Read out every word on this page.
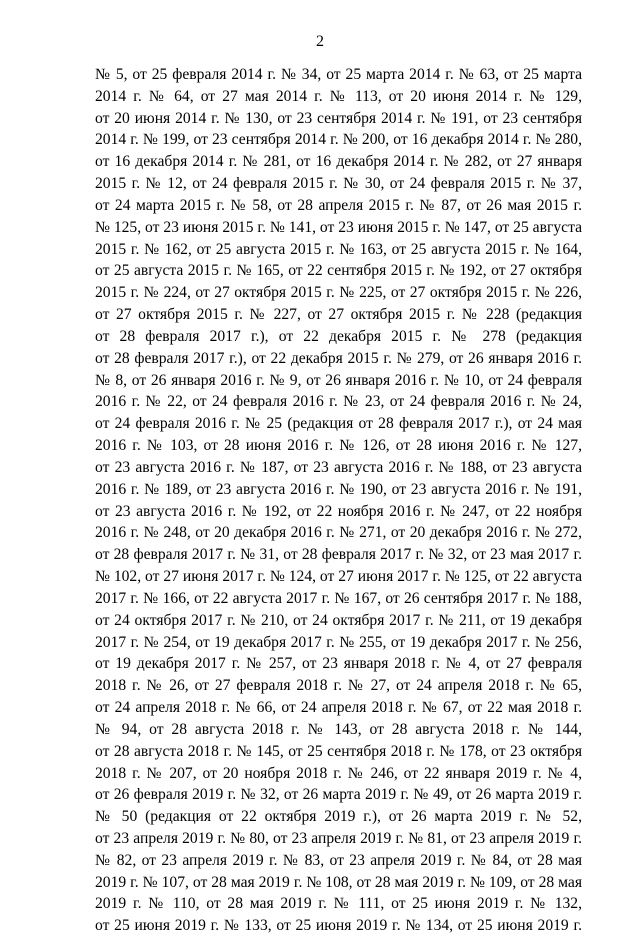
2
№ 5, от 25 февраля 2014 г. № 34, от 25 марта 2014 г. № 63, от 25 марта
2014 г. № 64, от 27 мая 2014 г. № 113, от 20 июня 2014 г. № 129,
от 20 июня 2014 г. № 130, от 23 сентября 2014 г. № 191, от 23 сентября
2014 г. № 199, от 23 сентября 2014 г. № 200, от 16 декабря 2014 г. № 280,
от 16 декабря 2014 г. № 281, от 16 декабря 2014 г. № 282, от 27 января
2015 г. № 12, от 24 февраля 2015 г. № 30, от 24 февраля 2015 г. № 37,
от 24 марта 2015 г. № 58, от 28 апреля 2015 г. № 87, от 26 мая 2015 г.
№ 125, от 23 июня 2015 г. № 141, от 23 июня 2015 г. № 147, от 25 августа
2015 г. № 162, от 25 августа 2015 г. № 163, от 25 августа 2015 г. № 164,
от 25 августа 2015 г. № 165, от 22 сентября 2015 г. № 192, от 27 октября
2015 г. № 224, от 27 октября 2015 г. № 225, от 27 октября 2015 г. № 226,
от 27 октября 2015 г. № 227, от 27 октября 2015 г. № 228 (редакция
от 28 февраля 2017 г.), от 22 декабря 2015 г. № 278 (редакция
от 28 февраля 2017 г.), от 22 декабря 2015 г. № 279, от 26 января 2016 г.
№ 8, от 26 января 2016 г. № 9, от 26 января 2016 г. № 10, от 24 февраля
2016 г. № 22, от 24 февраля 2016 г. № 23, от 24 февраля 2016 г. № 24,
от 24 февраля 2016 г. № 25 (редакция от 28 февраля 2017 г.), от 24 мая
2016 г. № 103, от 28 июня 2016 г. № 126, от 28 июня 2016 г. № 127,
от 23 августа 2016 г. № 187, от 23 августа 2016 г. № 188, от 23 августа
2016 г. № 189, от 23 августа 2016 г. № 190, от 23 августа 2016 г. № 191,
от 23 августа 2016 г. № 192, от 22 ноября 2016 г. № 247, от 22 ноября
2016 г. № 248, от 20 декабря 2016 г. № 271, от 20 декабря 2016 г. № 272,
от 28 февраля 2017 г. № 31, от 28 февраля 2017 г. № 32, от 23 мая 2017 г.
№ 102, от 27 июня 2017 г. № 124, от 27 июня 2017 г. № 125, от 22 августа
2017 г. № 166, от 22 августа 2017 г. № 167, от 26 сентября 2017 г. № 188,
от 24 октября 2017 г. № 210, от 24 октября 2017 г. № 211, от 19 декабря
2017 г. № 254, от 19 декабря 2017 г. № 255, от 19 декабря 2017 г. № 256,
от 19 декабря 2017 г. № 257, от 23 января 2018 г. № 4, от 27 февраля
2018 г. № 26, от 27 февраля 2018 г. № 27, от 24 апреля 2018 г. № 65,
от 24 апреля 2018 г. № 66, от 24 апреля 2018 г. № 67, от 22 мая 2018 г.
№ 94, от 28 августа 2018 г. № 143, от 28 августа 2018 г. № 144,
от 28 августа 2018 г. № 145, от 25 сентября 2018 г. № 178, от 23 октября
2018 г. № 207, от 20 ноября 2018 г. № 246, от 22 января 2019 г. № 4,
от 26 февраля 2019 г. № 32, от 26 марта 2019 г. № 49, от 26 марта 2019 г.
№ 50 (редакция от 22 октября 2019 г.), от 26 марта 2019 г. № 52,
от 23 апреля 2019 г. № 80, от 23 апреля 2019 г. № 81, от 23 апреля 2019 г.
№ 82, от 23 апреля 2019 г. № 83, от 23 апреля 2019 г. № 84, от 28 мая
2019 г. № 107, от 28 мая 2019 г. № 108, от 28 мая 2019 г. № 109, от 28 мая
2019 г. № 110, от 28 мая 2019 г. № 111, от 25 июня 2019 г. № 132,
от 25 июня 2019 г. № 133, от 25 июня 2019 г. № 134, от 25 июня 2019 г.
